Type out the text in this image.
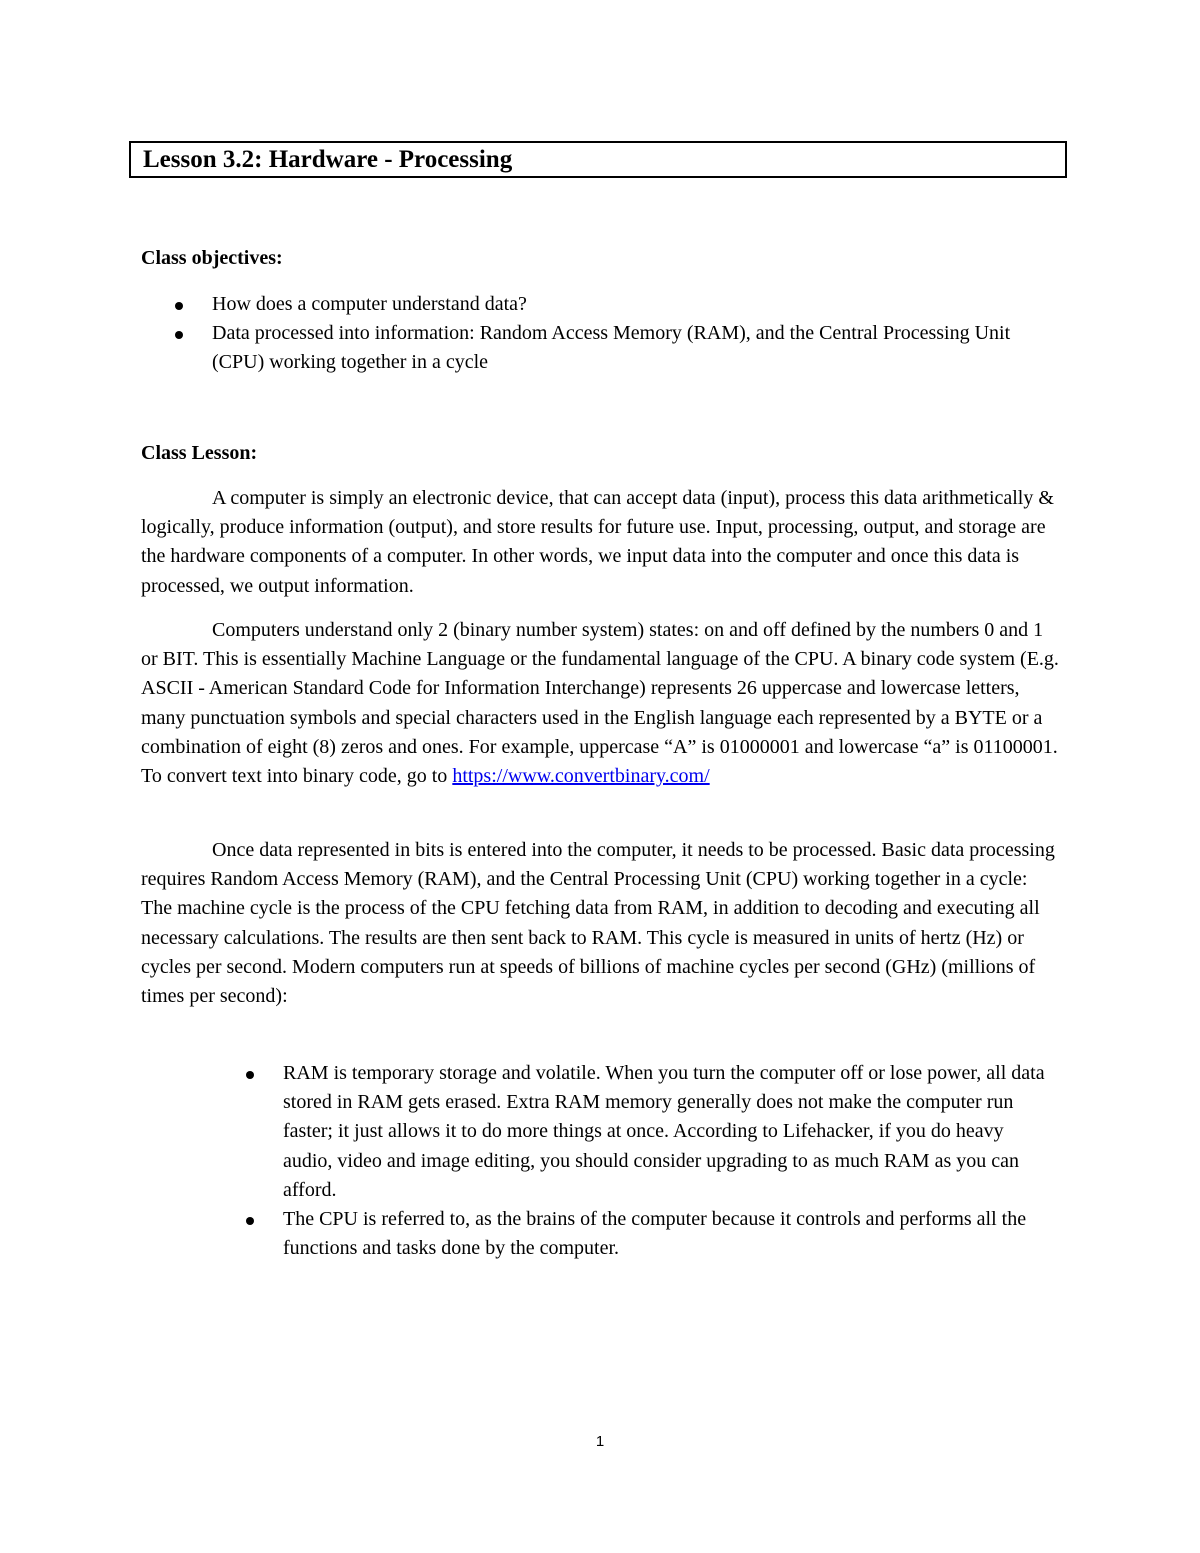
Lesson 3.2: Hardware - Processing
Class objectives:
How does a computer understand data?
Data processed into information: Random Access Memory (RAM), and the Central Processing Unit (CPU) working together in a cycle
Class Lesson:

A computer is simply an electronic device, that can accept data (input), process this data arithmetically & logically, produce information (output), and store results for future use. Input, processing, output, and storage are the hardware components of a computer. In other words, we input data into the computer and once this data is processed, we output information.

Computers understand only 2 (binary number system) states: on and off defined by the numbers 0 and 1 or BIT. This is essentially Machine Language or the fundamental language of the CPU. A binary code system (E.g. ASCII - American Standard Code for Information Interchange) represents 26 uppercase and lowercase letters, many punctuation symbols and special characters used in the English language each represented by a BYTE or a combination of eight (8) zeros and ones. For example, uppercase “A” is 01000001 and lowercase “a” is 01100001. To convert text into binary code, go to https://www.convertbinary.com/

Once data represented in bits is entered into the computer, it needs to be processed. Basic data processing requires Random Access Memory (RAM), and the Central Processing Unit (CPU) working together in a cycle: The machine cycle is the process of the CPU fetching data from RAM, in addition to decoding and executing all necessary calculations. The results are then sent back to RAM. This cycle is measured in units of hertz (Hz) or cycles per second. Modern computers run at speeds of billions of machine cycles per second (GHz) (millions of times per second):

RAM is temporary storage and volatile. When you turn the computer off or lose power, all data stored in RAM gets erased. Extra RAM memory generally does not make the computer run faster; it just allows it to do more things at once. According to Lifehacker, if you do heavy audio, video and image editing, you should consider upgrading to as much RAM as you can afford.
The CPU is referred to, as the brains of the computer because it controls and performs all the functions and tasks done by the computer.
1
